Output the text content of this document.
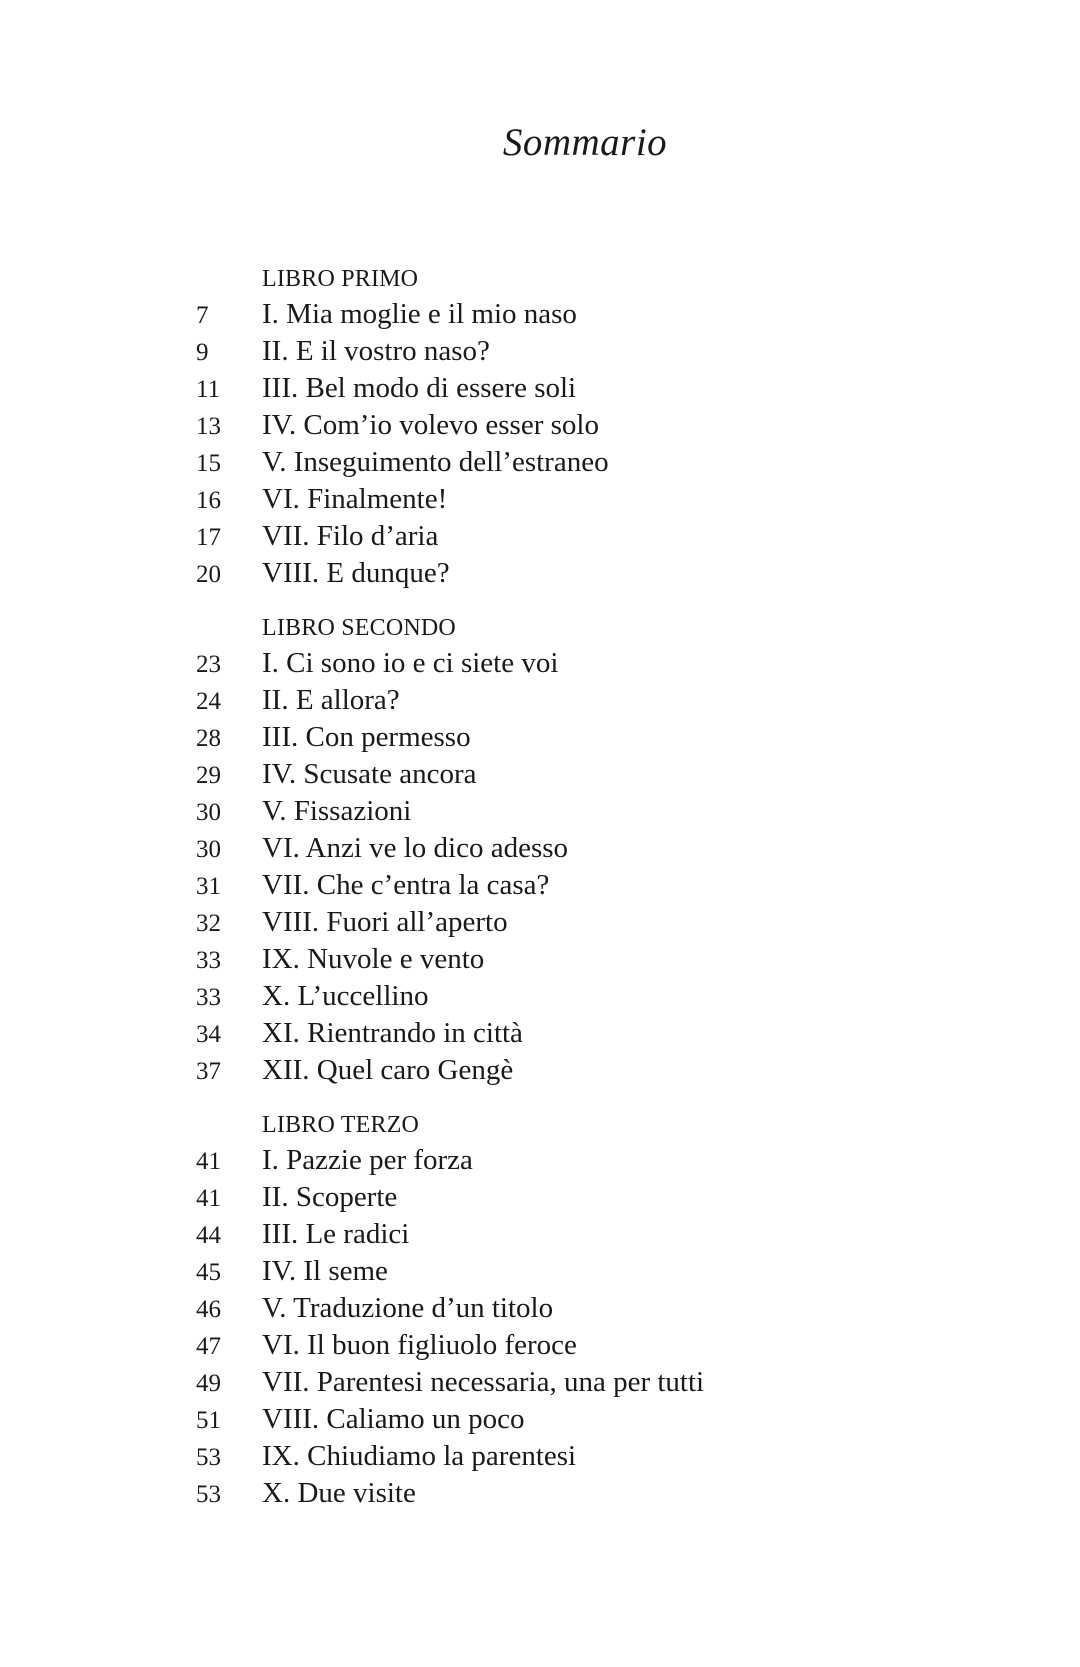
Sommario
LIBRO PRIMO
7	I. Mia moglie e il mio naso
9	II. E il vostro naso?
11	III. Bel modo di essere soli
13	IV. Com’io volevo esser solo
15	V. Inseguimento dell’estraneo
16	VI. Finalmente!
17	VII. Filo d’aria
20	VIII. E dunque?
LIBRO SECONDO
23	I. Ci sono io e ci siete voi
24	II. E allora?
28	III. Con permesso
29	IV. Scusate ancora
30	V. Fissazioni
30	VI. Anzi ve lo dico adesso
31	VII. Che c’entra la casa?
32	VIII. Fuori all’aperto
33	IX. Nuvole e vento
33	X. L’uccellino
34	XI. Rientrando in città
37	XII. Quel caro Gengè
LIBRO TERZO
41	I. Pazzie per forza
41	II. Scoperte
44	III. Le radici
45	IV. Il seme
46	V. Traduzione d’un titolo
47	VI. Il buon figliuolo feroce
49	VII. Parentesi necessaria, una per tutti
51	VIII. Caliamo un poco
53	IX. Chiudiamo la parentesi
53	X. Due visite
